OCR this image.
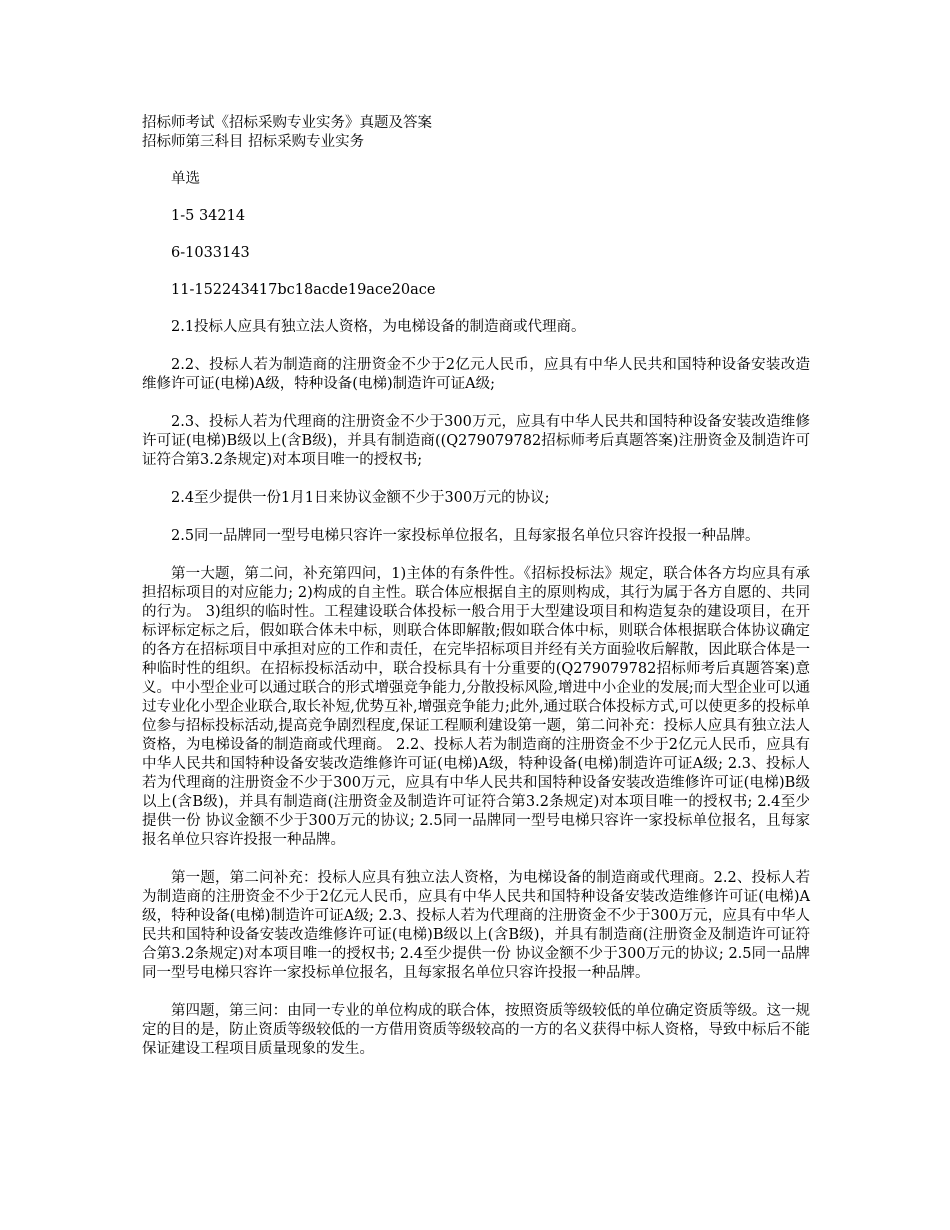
招标师考试《招标采购专业实务》真题及答案

招标师第三科目 招标采购专业实务

单选

1-5 34214

6-1033143

11-152243417bc18acde19ace20ace

2.1投标人应具有独立法人资格，为电梯设备的制造商或代理商。

2.2、投标人若为制造商的注册资金不少于2亿元人民币，应具有中华人民共和国特种设备安装改造维修许可证(电梯)A级，特种设备(电梯)制造许可证A级;

2.3、投标人若为代理商的注册资金不少于300万元，应具有中华人民共和国特种设备安装改造维修许可证(电梯)B级以上(含B级)，并具有制造商((Q279079782招标师考后真题答案)注册资金及制造许可证符合第3.2条规定)对本项目唯一的授权书;

2.4至少提供一份1月1日来协议金额不少于300万元的协议;

2.5同一品牌同一型号电梯只容许一家投标单位报名，且每家报名单位只容许投报一种品牌。

第一大题，第二问，补充第四问，1)主体的有条件性。《招标投标法》规定，联合体各方均应具有承担招标项目的对应能力; 2)构成的自主性。联合体应根据自主的原则构成，其行为属于各方自愿的、共同的行为。 3)组织的临时性。工程建设联合体投标一般合用于大型建设项目和构造复杂的建设项目，在开标评标定标之后，假如联合体未中标，则联合体即解散;假如联合体中标，则联合体根据联合体协议确定的各方在招标项目中承担对应的工作和责任，在完毕招标项目并经有关方面验收后解散，因此联合体是一种临时性的组织。在招标投标活动中，联合投标具有十分重要的(Q279079782招标师考后真题答案)意义。中小型企业可以通过联合的形式增强竞争能力,分散投标风险,增进中小企业的发展;而大型企业可以通过专业化小型企业联合,取长补短,优势互补,增强竞争能力;此外,通过联合体投标方式,可以使更多的投标单位参与招标投标活动,提高竞争剧烈程度,保证工程顺利建设第一题，第二问补充：投标人应具有独立法人资格，为电梯设备的制造商或代理商。 2.2、投标人若为制造商的注册资金不少于2亿元人民币，应具有中华人民共和国特种设备安装改造维修许可证(电梯)A级，特种设备(电梯)制造许可证A级; 2.3、投标人若为代理商的注册资金不少于300万元，应具有中华人民共和国特种设备安装改造维修许可证(电梯)B级以上(含B级)，并具有制造商(注册资金及制造许可证符合第3.2条规定)对本项目唯一的授权书; 2.4至少提供一份 协议金额不少于300万元的协议; 2.5同一品牌同一型号电梯只容许一家投标单位报名，且每家报名单位只容许投报一种品牌。

第一题，第二问补充：投标人应具有独立法人资格，为电梯设备的制造商或代理商。2.2、投标人若为制造商的注册资金不少于2亿元人民币，应具有中华人民共和国特种设备安装改造维修许可证(电梯)A级，特种设备(电梯)制造许可证A级; 2.3、投标人若为代理商的注册资金不少于300万元，应具有中华人民共和国特种设备安装改造维修许可证(电梯)B级以上(含B级)，并具有制造商(注册资金及制造许可证符合第3.2条规定)对本项目唯一的授权书; 2.4至少提供一份 协议金额不少于300万元的协议; 2.5同一品牌同一型号电梯只容许一家投标单位报名，且每家报名单位只容许投报一种品牌。

第四题，第三问：由同一专业的单位构成的联合体，按照资质等级较低的单位确定资质等级。这一规定的目的是，防止资质等级较低的一方借用资质等级较高的一方的名义获得中标人资格，导致中标后不能保证建设工程项目质量现象的发生。
